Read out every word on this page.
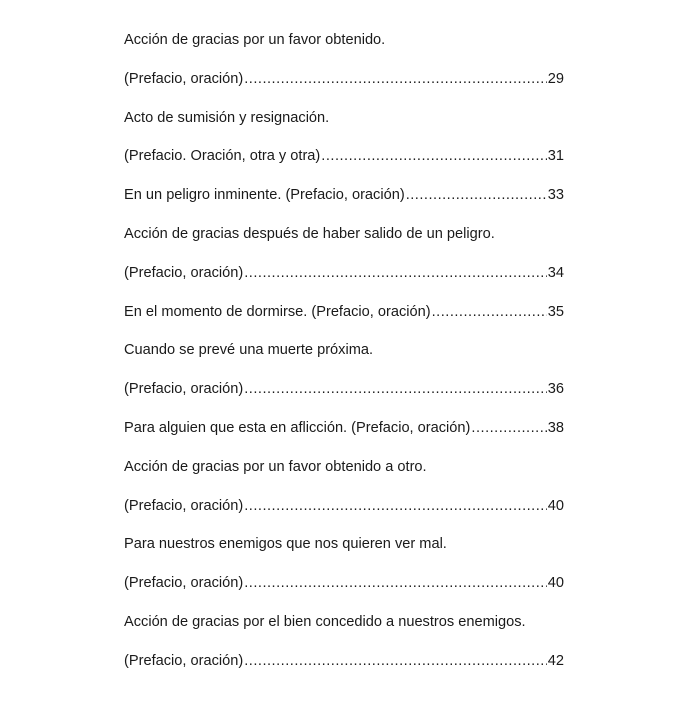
Acción de gracias por un favor obtenido.
(Prefacio, oración) .....	29
Acto de sumisión y resignación.
(Prefacio. Oración, otra y otra) .....	31
En un peligro inminente. (Prefacio, oración) .....	33
Acción de gracias después de haber salido de un peligro.
(Prefacio, oración) .....	34
En el momento de dormirse. (Prefacio, oración) .....	35
Cuando se prevé una muerte próxima.
(Prefacio, oración) .....	36
Para alguien que esta en aflicción. (Prefacio, oración) .....	38
Acción de gracias por un favor obtenido a otro.
(Prefacio, oración) .....	40
Para nuestros enemigos que nos quieren ver mal.
(Prefacio, oración) .....	40
Acción de gracias por el bien concedido a nuestros enemigos.
(Prefacio, oración) .....	42
